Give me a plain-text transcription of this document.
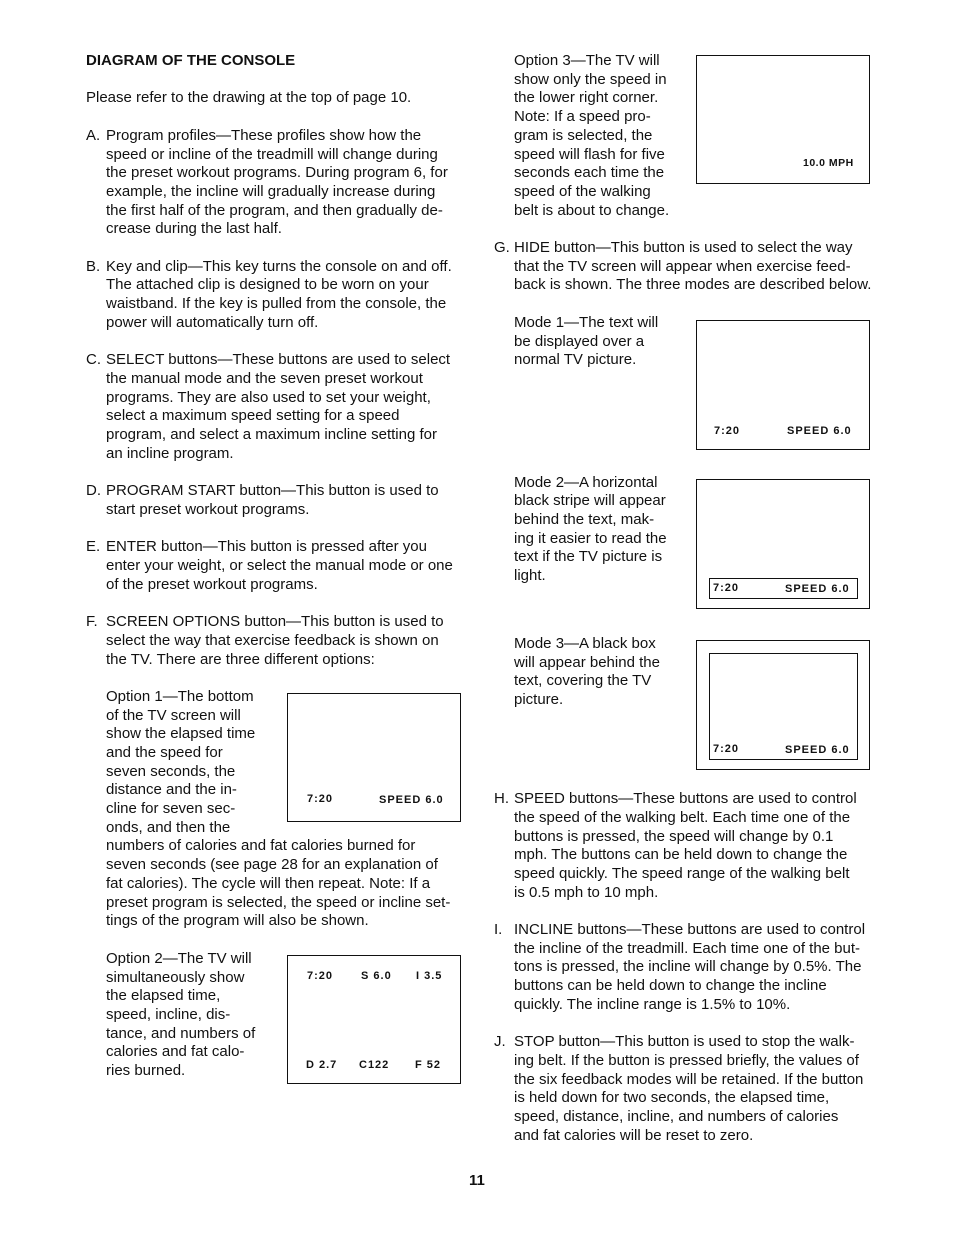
DIAGRAM OF THE CONSOLE

Please refer to the drawing at the top of page 10.

A. Program profiles—These profiles show how the

speed or incline of the treadmill will change during

the preset workout programs. During program 6, for

example, the incline will gradually increase during

the first half of the program, and then gradually de-

crease during the last half.

B. Key and clip—This key turns the console on and off.

The attached clip is designed to be worn on your

waistband. If the key is pulled from the console, the

power will automatically turn off.

C. SELECT buttons—These buttons are used to select

the manual mode and the seven preset workout

programs. They are also used to set your weight,

select a maximum speed setting for a speed

program, and select a maximum incline setting for

an incline program.

D. PROGRAM START button—This button is used to

start preset workout programs.

E. ENTER button—This button is pressed after you

enter your weight, or select the manual mode or one

of the preset workout programs.

F. SCREEN OPTIONS button—This button is used to

select the way that exercise feedback is shown on

the TV. There are three different options:

Option 1—The bottom

of the TV screen will

show the elapsed time

and the speed for

seven seconds, the

distance and the in-

cline for seven sec-

onds, and then the

numbers of calories and fat calories burned for

seven seconds (see page 28 for an explanation of

fat calories). The cycle will then repeat. Note: If a

preset program is selected, the speed or incline set-

tings of the program will also be shown.

7:20	SPEED 6.0

Option 2—The TV will

simultaneously show

the elapsed time,

speed, incline, dis-

tance, and numbers of

calories and fat calo-

ries burned.

7:20	S 6.0 I 3.5
D 2.7 C122 F 52

Option 3—The TV will

show only the speed in

the lower right corner.

Note: If a speed pro-

gram is selected, the

speed will flash for five

seconds each time the

speed of the walking

belt is about to change.

10.0 MPH

G. HIDE button—This button is used to select the way

that the TV screen will appear when exercise feed-

back is shown. The three modes are described below.

Mode 1—The text will

be displayed over a

normal TV picture.

7:20	SPEED 6.0

Mode 2—A horizontal

black stripe will appear

behind the text, mak-

ing it easier to read the

text if the TV picture is

light.

7:20	SPEED 6.0

Mode 3—A black box

will appear behind the

text, covering the TV

picture.

7:20	SPEED 6.0

H. SPEED buttons—These buttons are used to control

the speed of the walking belt. Each time one of the

buttons is pressed, the speed will change by 0.1

mph. The buttons can be held down to change the

speed quickly. The speed range of the walking belt

is 0.5 mph to 10 mph.

I. INCLINE buttons—These buttons are used to control

the incline of the treadmill. Each time one of the but-

tons is pressed, the incline will change by 0.5%. The

buttons can be held down to change the incline

quickly. The incline range is 1.5% to 10%.

J. STOP button—This button is used to stop the walk-

ing belt. If the button is pressed briefly, the values of

the six feedback modes will be retained. If the button

is held down for two seconds, the elapsed time,

speed, distance, incline, and numbers of calories

and fat calories will be reset to zero.

11
